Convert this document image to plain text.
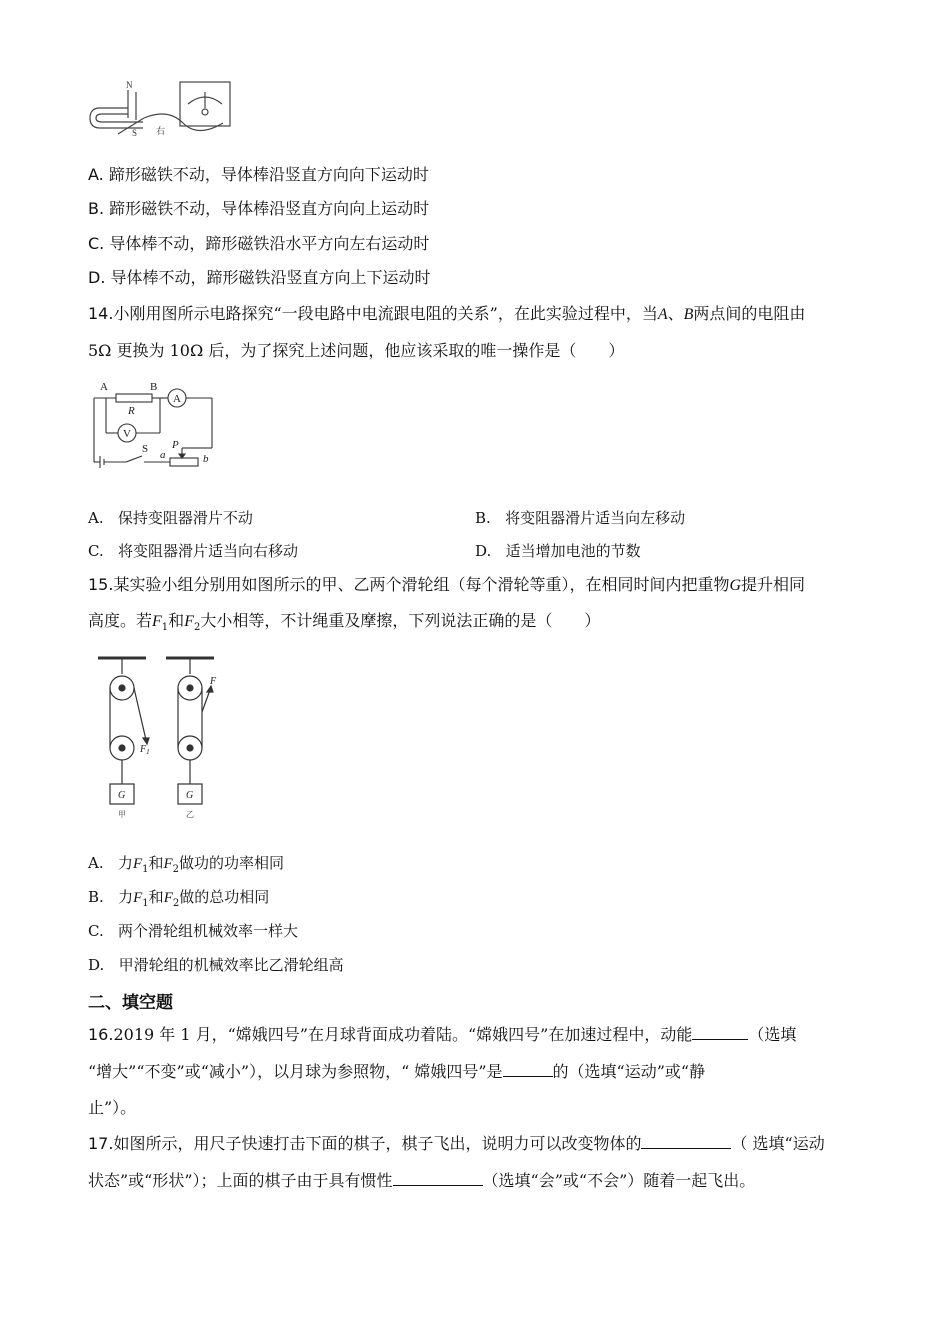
N
S 右
A. 蹄形磁铁不动，导体棒沿竖直方向向下运动时
B. 蹄形磁铁不动，导体棒沿竖直方向向上运动时
C. 导体棒不动，蹄形磁铁沿水平方向左右运动时
D. 导体棒不动，蹄形磁铁沿竖直方向上下运动时
14.小刚用图所示电路探究“一段电路中电流跟电阻的关系”，在此实验过程中，当A、B两点间的电阻由
5Ω 更换为 10Ω 后，为了探究上述问题，他应该采取的唯一操作是（　　）
A	B
R
A
V
S P
a	b
A. 保持变阻器滑片不动	B. 将变阻器滑片适当向左移动
C. 将变阻器滑片适当向右移动	D. 适当增加电池的节数
15.某实验小组分别用如图所示的甲、乙两个滑轮组（每个滑轮等重），在相同时间内把重物G提升相同
高度。若$F_1$和$F_2$大小相等，不计绳重及摩擦，下列说法正确的是（　　）
G	G
$F_1$
F
甲	乙
A. 力$F_1$和$F_2$做功的功率相同
B. 力$F_1$和$F_2$做的总功相同
C. 两个滑轮组机械效率一样大
D. 甲滑轮组的机械效率比乙滑轮组高
二、填空题
16.2019 年 1 月，“嫦娥四号”在月球背面成功着陆。“嫦娥四号”在加速过程中，动能	（选填
“增大”“不变”或“减小”），以月球为参照物，“ 嫦娥四号”是	的（选填“运动”或“静
止”）。
17.如图所示，用尺子快速打击下面的棋子，棋子飞出，说明力可以改变物体的	（ 选填“运动
状态”或“形状”）；上面的棋子由于具有惯性	（选填“会”或“不会”）随着一起飞出。
